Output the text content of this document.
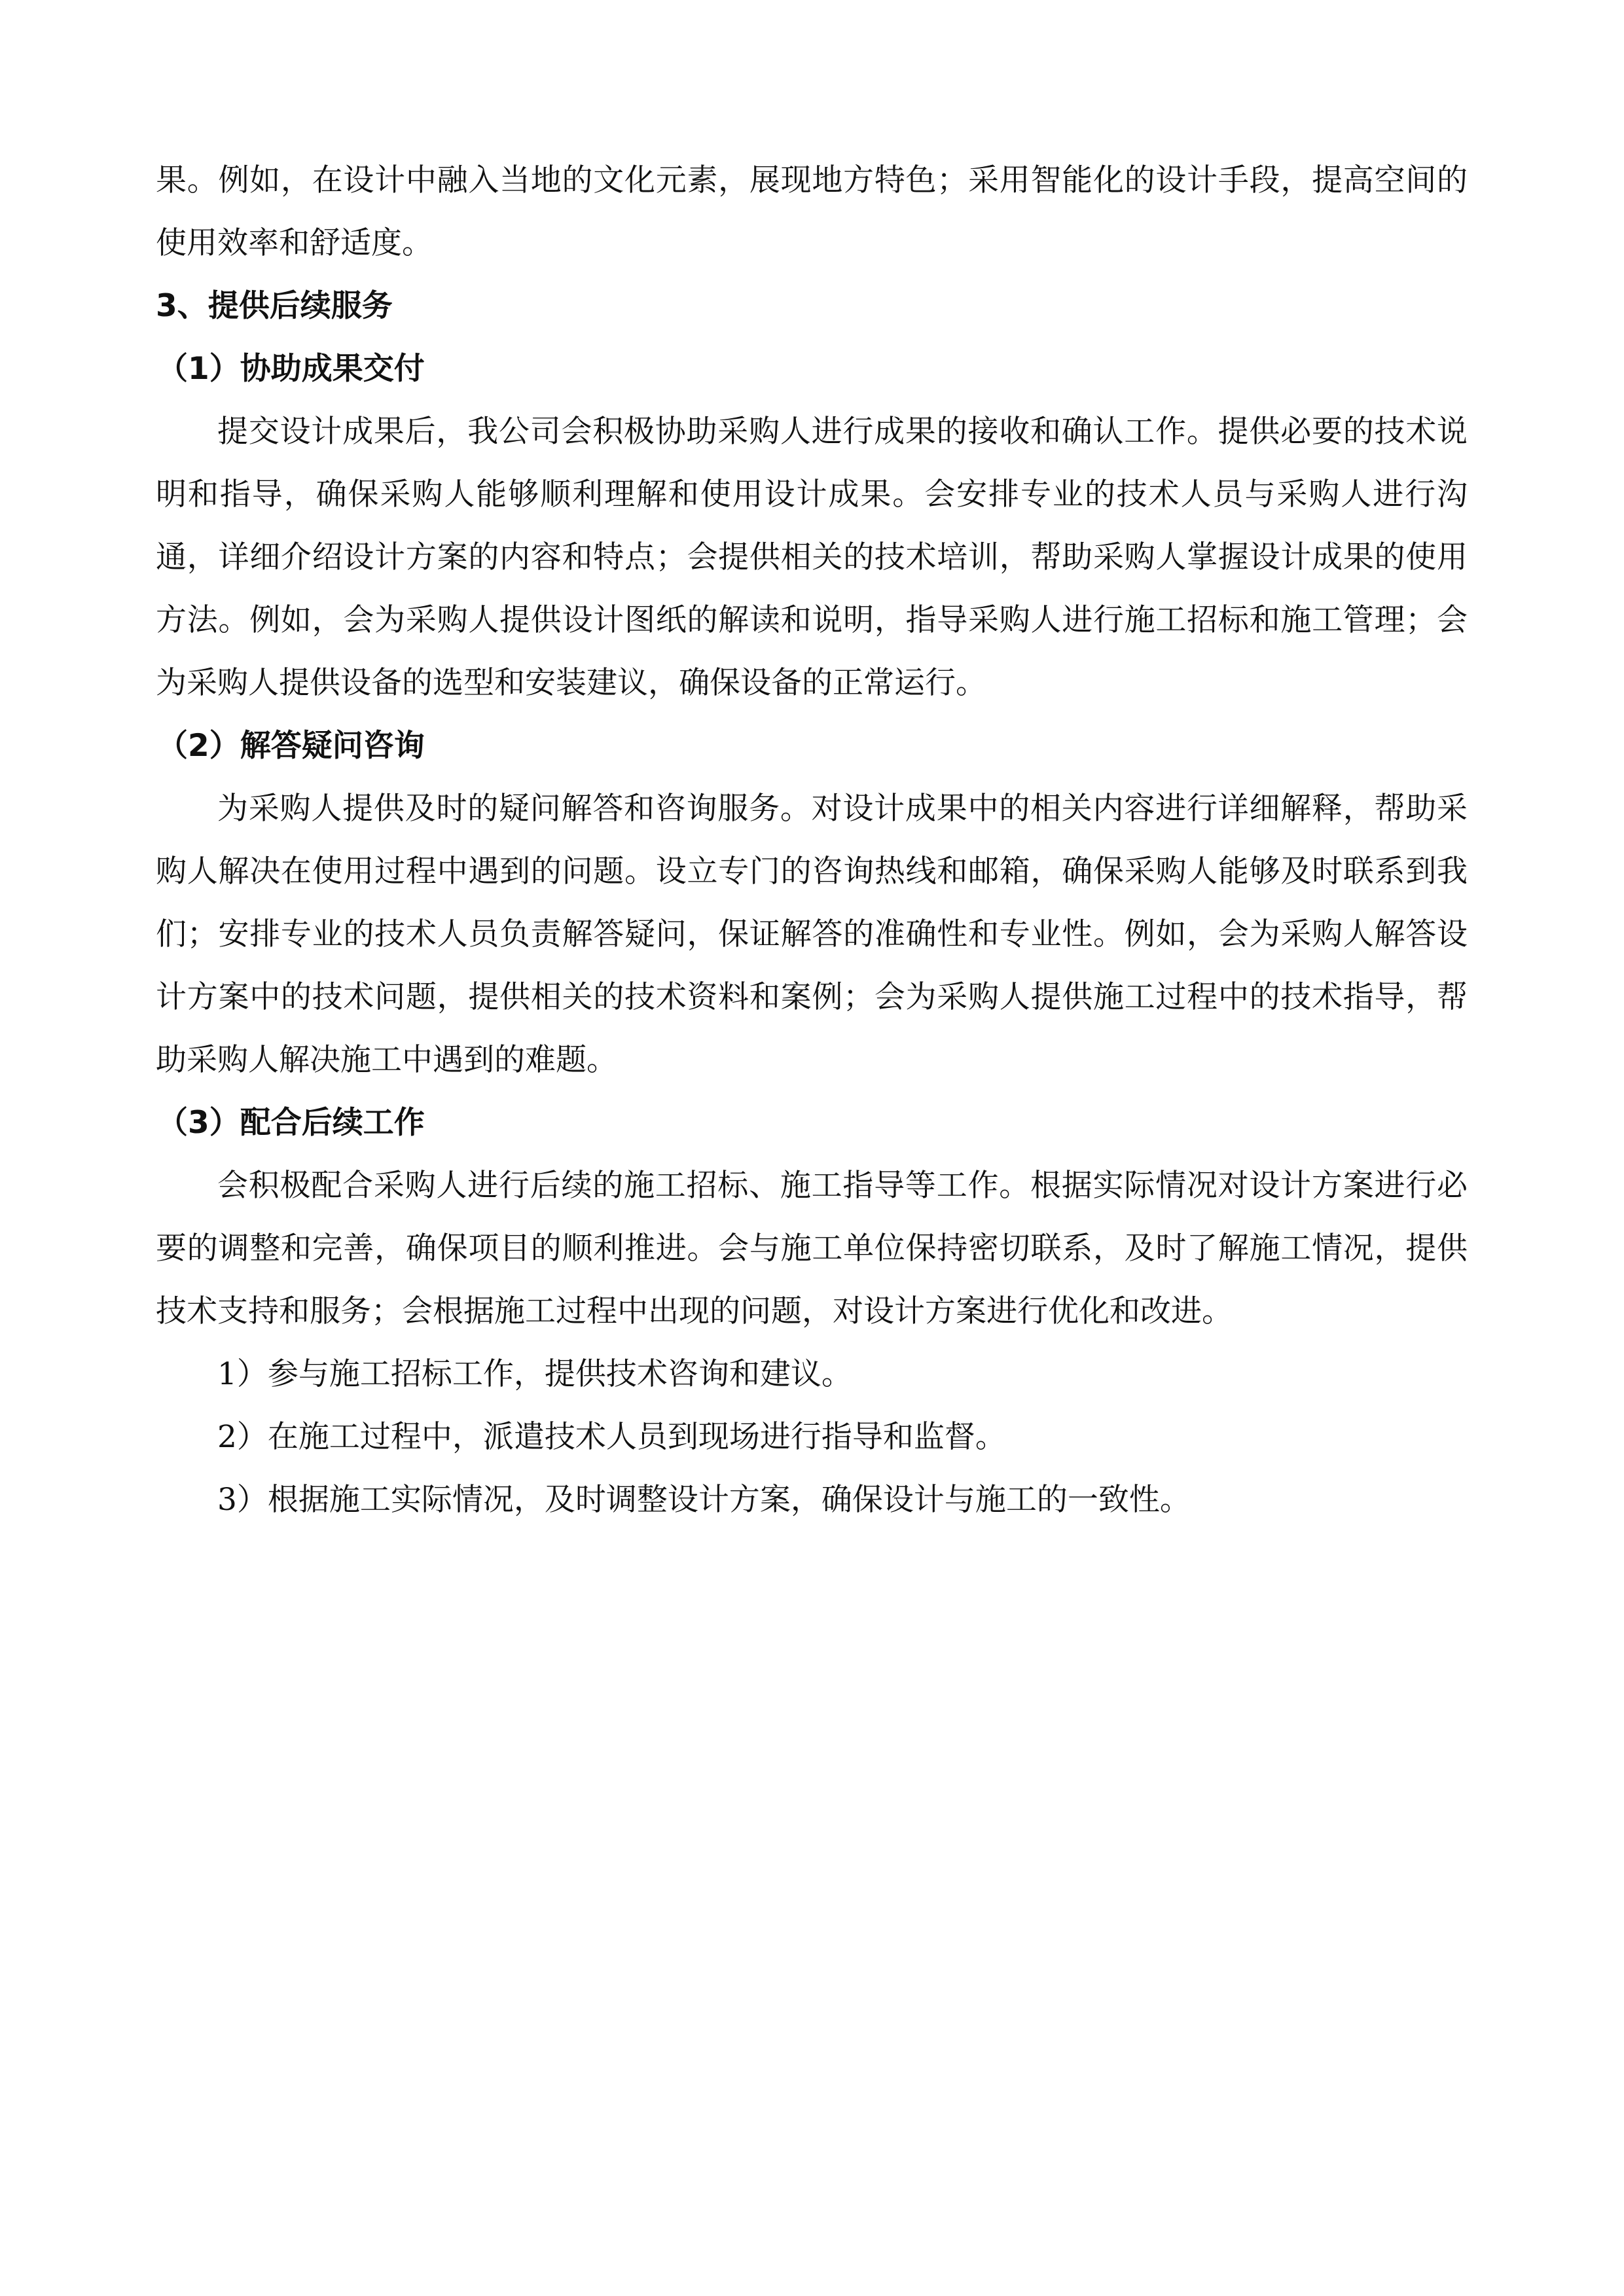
果。例如，在设计中融入当地的文化元素，展现地方特色；采用智能化的设计手段，提高空间的使用效率和舒适度。

3、提供后续服务

（1）协助成果交付

提交设计成果后，我公司会积极协助采购人进行成果的接收和确认工作。提供必要的技术说明和指导，确保采购人能够顺利理解和使用设计成果。会安排专业的技术人员与采购人进行沟通，详细介绍设计方案的内容和特点；会提供相关的技术培训，帮助采购人掌握设计成果的使用方法。例如，会为采购人提供设计图纸的解读和说明，指导采购人进行施工招标和施工管理；会为采购人提供设备的选型和安装建议，确保设备的正常运行。

（2）解答疑问咨询

为采购人提供及时的疑问解答和咨询服务。对设计成果中的相关内容进行详细解释，帮助采购人解决在使用过程中遇到的问题。设立专门的咨询热线和邮箱，确保采购人能够及时联系到我们；安排专业的技术人员负责解答疑问，保证解答的准确性和专业性。例如，会为采购人解答设计方案中的技术问题，提供相关的技术资料和案例；会为采购人提供施工过程中的技术指导，帮助采购人解决施工中遇到的难题。

（3）配合后续工作

会积极配合采购人进行后续的施工招标、施工指导等工作。根据实际情况对设计方案进行必要的调整和完善，确保项目的顺利推进。会与施工单位保持密切联系，及时了解施工情况，提供技术支持和服务；会根据施工过程中出现的问题，对设计方案进行优化和改进。

1）参与施工招标工作，提供技术咨询和建议。

2）在施工过程中，派遣技术人员到现场进行指导和监督。

3）根据施工实际情况，及时调整设计方案，确保设计与施工的一致性。
